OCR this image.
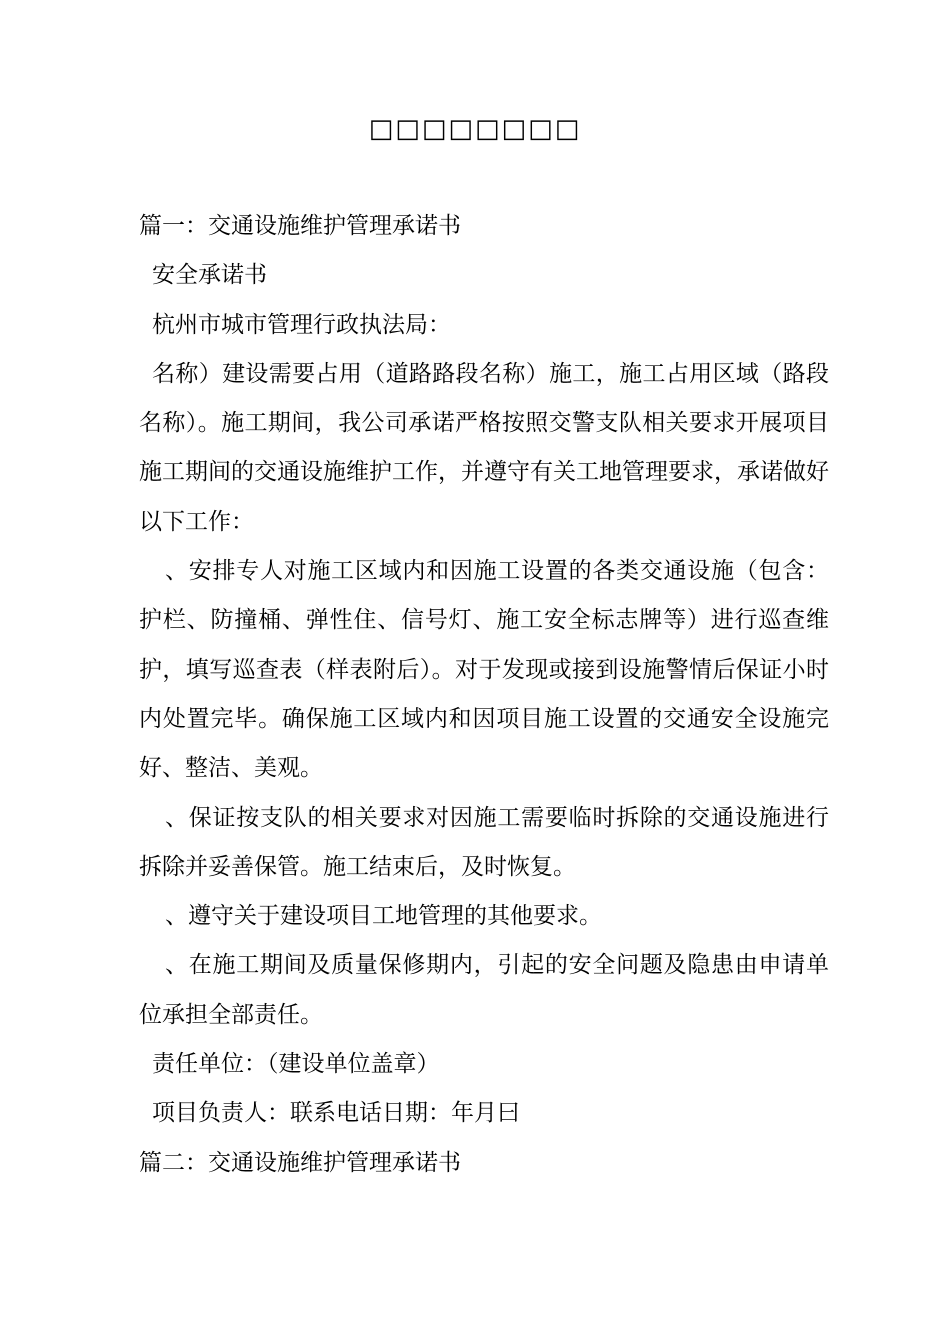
□□□□□□□□

篇一：交通设施维护管理承诺书

安全承诺书

杭州市城市管理行政执法局：

名称）建设需要占用（道路路段名称）施工，施工占用区域（路段名称）。施工期间，我公司承诺严格按照交警支队相关要求开展项目施工期间的交通设施维护工作，并遵守有关工地管理要求，承诺做好以下工作：

、安排专人对施工区域内和因施工设置的各类交通设施（包含：护栏、防撞桶、弹性住、信号灯、施工安全标志牌等）进行巡查维护，填写巡查表（样表附后）。对于发现或接到设施警情后保证小时内处置完毕。确保施工区域内和因项目施工设置的交通安全设施完好、整洁、美观。

、保证按支队的相关要求对因施工需要临时拆除的交通设施进行拆除并妥善保管。施工结束后，及时恢复。

、遵守关于建设项目工地管理的其他要求。

、在施工期间及质量保修期内，引起的安全问题及隐患由申请单位承担全部责任。

责任单位：（建设单位盖章）

项目负责人：联系电话日期：年月曰

篇二：交通设施维护管理承诺书
